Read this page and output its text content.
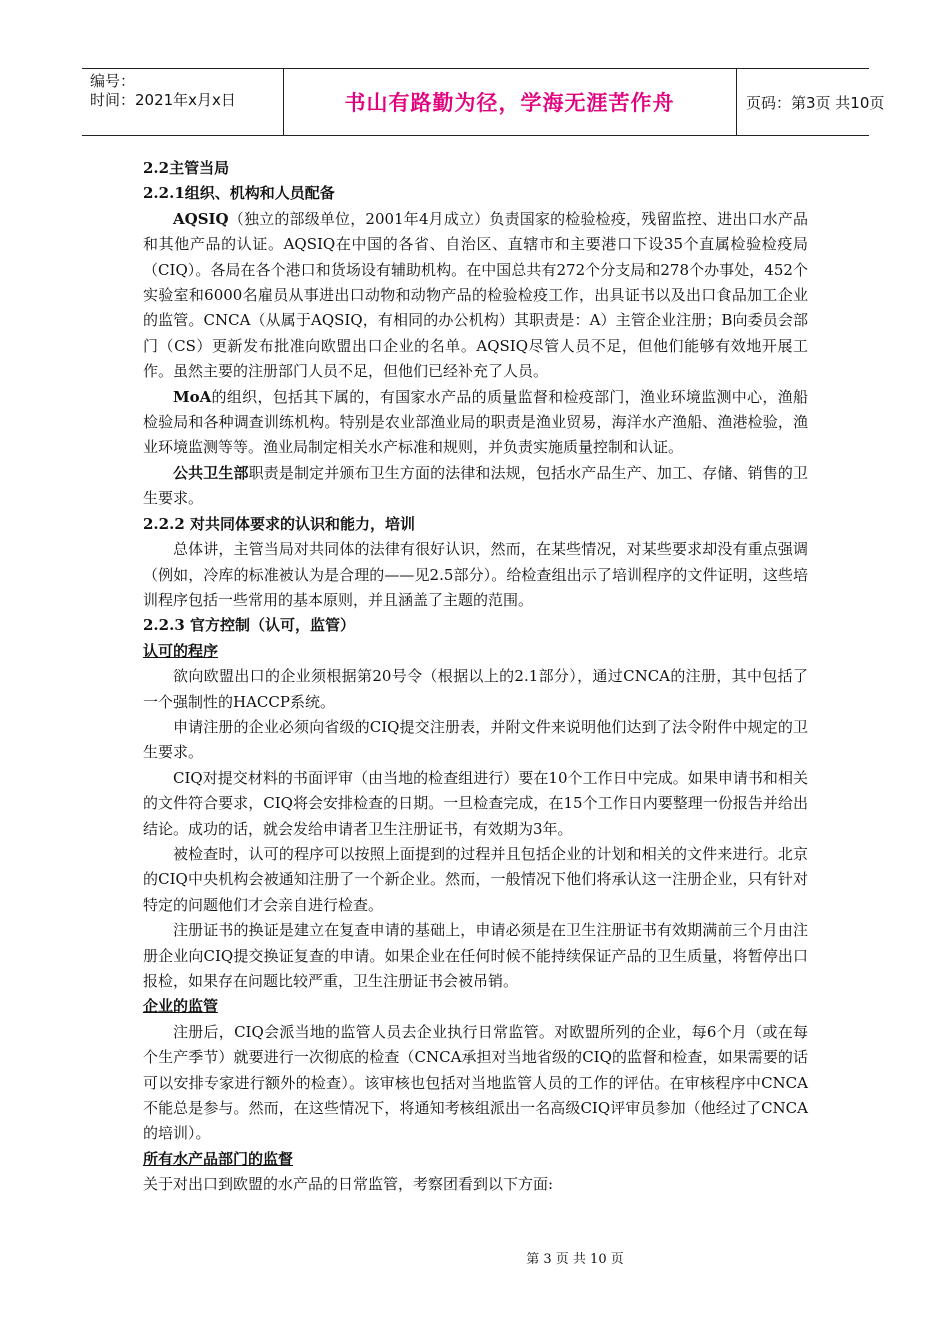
编号：
时间：2021年x月x日	书山有路勤为径，学海无涯苦作舟	页码：第3页 共10页
2.2主管当局
2.2.1组织、机构和人员配备

AQSIQ（独立的部级单位，2001年4月成立）负责国家的检验检疫，残留监控、进出口水产品和其他产品的认证。AQSIQ在中国的各省、自治区、直辖市和主要港口下设35个直属检验检疫局（CIQ）。各局在各个港口和货场设有辅助机构。在中国总共有272个分支局和278个办事处，452个实验室和6000名雇员从事进出口动物和动物产品的检验检疫工作，出具证书以及出口食品加工企业的监管。CNCA（从属于AQSIQ，有相同的办公机构）其职责是：A）主管企业注册；B向委员会部门（CS）更新发布批准向欧盟出口企业的名单。AQSIQ尽管人员不足，但他们能够有效地开展工作。虽然主要的注册部门人员不足，但他们已经补充了人员。

MoA的组织，包括其下属的，有国家水产品的质量监督和检疫部门，渔业环境监测中心，渔船检验局和各种调查训练机构。特别是农业部渔业局的职责是渔业贸易，海洋水产渔船、渔港检验，渔业环境监测等等。渔业局制定相关水产标准和规则，并负责实施质量控制和认证。

公共卫生部职责是制定并颁布卫生方面的法律和法规，包括水产品生产、加工、存储、销售的卫生要求。

2.2.2 对共同体要求的认识和能力，培训

总体讲，主管当局对共同体的法律有很好认识，然而，在某些情况，对某些要求却没有重点强调（例如，冷库的标准被认为是合理的——见2.5部分）。给检查组出示了培训程序的文件证明，这些培训程序包括一些常用的基本原则，并且涵盖了主题的范围。

2.2.3 官方控制（认可，监管）

认可的程序

欲向欧盟出口的企业须根据第20号令（根据以上的2.1部分），通过CNCA的注册，其中包括了一个强制性的HACCP系统。

申请注册的企业必须向省级的CIQ提交注册表，并附文件来说明他们达到了法令附件中规定的卫生要求。

CIQ对提交材料的书面评审（由当地的检查组进行）要在10个工作日中完成。如果申请书和相关的文件符合要求，CIQ将会安排检查的日期。一旦检查完成，在15个工作日内要整理一份报告并给出结论。成功的话，就会发给申请者卫生注册证书，有效期为3年。

被检查时，认可的程序可以按照上面提到的过程并且包括企业的计划和相关的文件来进行。北京的CIQ中央机构会被通知注册了一个新企业。然而，一般情况下他们将承认这一注册企业，只有针对特定的问题他们才会亲自进行检查。

注册证书的换证是建立在复查申请的基础上，申请必须是在卫生注册证书有效期满前三个月由注册企业向CIQ提交换证复查的申请。如果企业在任何时候不能持续保证产品的卫生质量，将暂停出口报检，如果存在问题比较严重，卫生注册证书会被吊销。

企业的监管

注册后，CIQ会派当地的监管人员去企业执行日常监管。对欧盟所列的企业，每6个月（或在每个生产季节）就要进行一次彻底的检查（CNCA承担对当地省级的CIQ的监督和检查，如果需要的话可以安排专家进行额外的检查）。该审核也包括对当地监管人员的工作的评估。在审核程序中CNCA不能总是参与。然而，在这些情况下，将通知考核组派出一名高级CIQ评审员参加（他经过了CNCA的培训）。

所有水产品部门的监督

关于对出口到欧盟的水产品的日常监管，考察团看到以下方面:

第 3 页 共 10 页
